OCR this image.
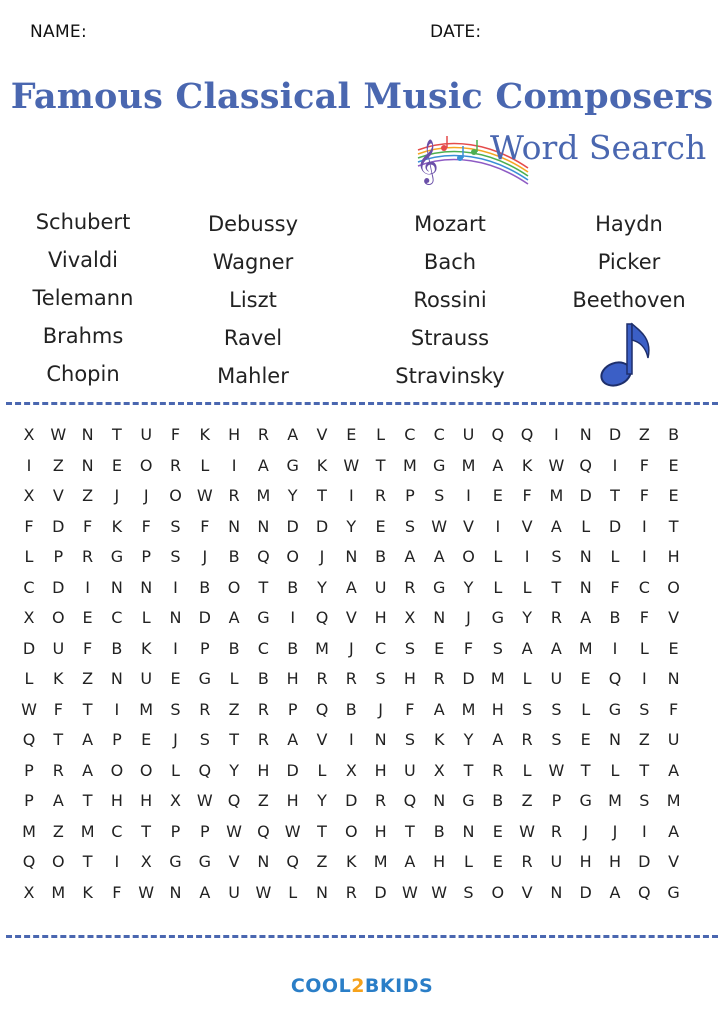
NAME:	DATE:
Famous Classical Music Composers
𝄞 Word Search
Schubert
Vivaldi
Telemann
Brahms
Chopin
Debussy
Wagner
Liszt
Ravel
Mahler
Mozart
Bach
Rossini
Strauss
Stravinsky
Haydn
Picker
Beethoven
X W N	T	U	F	K	H	R	A	V	E	L	C	C	U	Q	Q	I	N	D	Z	B
I	Z	N	E	O	R	L	I	A	G	K	W	T	M	G	M	A	K	W Q	I	F	E
X	V	Z	J	J	O W R	M	Y	T	I	R	P	S	I	E	F	M	D	T	F	E
F	D	F	K	F	S	F	N	N	D	D	Y	E	S	W V	I	V	A	L	D	I	T
L	P	R	G	P	S	J	B	Q	O	J	N	B	A	A	O	L	I	S	N	L	I	H
C	D	I	N	N	I	B	O	T	B	Y	A	U	R	G	Y	L	L	T	N	F	C	O
X	O	E	C	L	N	D	A	G	I	Q	V	H	X	N	J	G	Y	R	A	B	F	V
D	U	F	B	K	I	P	B	C	B	M	J	C	S	E	F	S	A	A	M	I	L	E
L	K	Z	N	U	E	G	L	B	H	R	R	S	H	R	D	M	L	U	E	Q	I	N
W	F	T	I	M	S	R	Z	R	P	Q	B	J	F	A	M	H	S	S	L	G	S	F
Q	T	A	P	E	J	S	T	R	A	V	I	N	S	K	Y	A	R	S	E	N	Z	U
P	R	A	O	O	L	Q	Y	H	D	L	X	H	U	X	T	R	L	W	T	L	T	A
P	A	T	H	H	X W Q	Z	H	Y	D	R	Q	N	G	B	Z	P	G	M	S	M
M	Z	M	C	T	P	P	W Q W	T	O	H	T	B	N	E	W R	J	J	I	A
Q	O	T	I	X	G	G	V	N	Q	Z	K	M	A	H	L	E	R	U	H	H	D	V
X	M	K	F	W N	A	U W	L	N	R	D W W	S	O	V	N	D	A	Q	G
COOL2BKIDS
